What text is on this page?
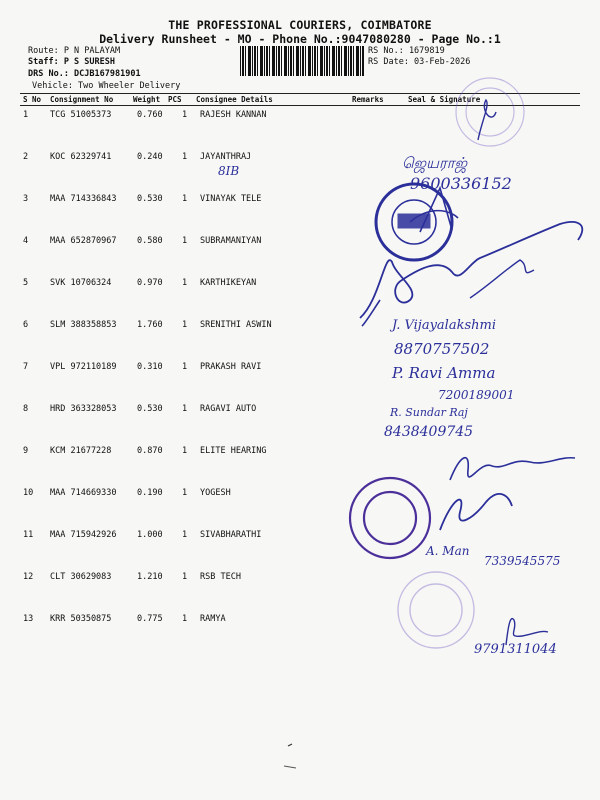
THE PROFESSIONAL COURIERS, COIMBATORE
Delivery Runsheet - MO - Phone No.:9047080280 - Page No.:1
Route: P N PALAYAM
Staff: P S SURESH
DRS No.: DCJB167981901
Vehicle: Two Wheeler Delivery
RS No.: 1679819
RS Date: 03-Feb-2026
S No Consignment No	Weight PCS Consignee Details	Remarks	Seal & Signature
1	TCG 51005373	0.760 1 RAJESH KANNAN
2	KOC 62329741	0.240 1 JAYANTHRAJ
3	MAA 714336843 0.530 1 VINAYAK TELE
4	MAA 652870967 0.580 1 SUBRAMANIYAN
5	SVK 10706324	0.970 1 KARTHIKEYAN
6	SLM 388358853 1.760 1 SRENITHI ASWIN
7	VPL 972110189 0.310 1 PRAKASH RAVI
8	HRD 363328053 0.530 1 RAGAVI AUTO
9	KCM 21677228	0.870 1 ELITE HEARING
10 MAA 714669330 0.190 1 YOGESH
11 MAA 715942926 1.000 1 SIVABHARATHI
12 CLT 30629083	1.210 1 RSB TECH
13 KRR 50350875	0.775 1 RAMYA
8IB	ஜெயராஜ்
9600336152
J. Vijayalakshmi
8870757502
P. Ravi Amma
7200189001
R. Sundar Raj
8438409745
A. Man
7339545575
9791311044
